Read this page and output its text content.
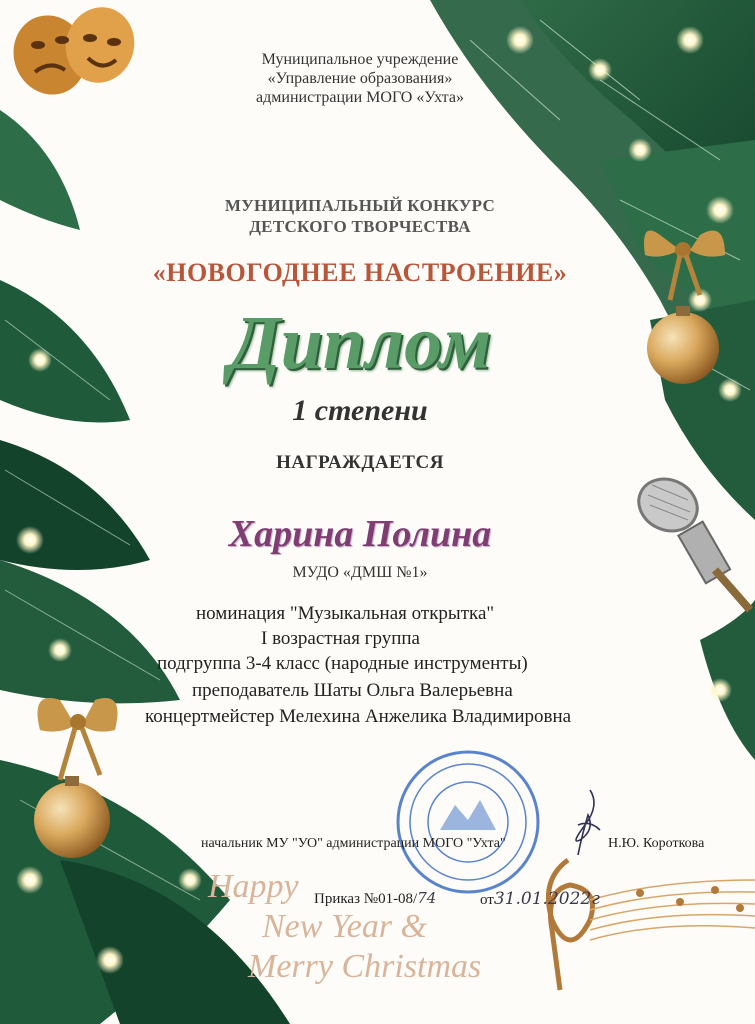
Муниципальное учреждение
«Управление образования»
администрации МОГО «Ухта»
МУНИЦИПАЛЬНЫЙ КОНКУРС
ДЕТСКОГО ТВОРЧЕСТВА
«НОВОГОДНЕЕ НАСТРОЕНИЕ»
Диплом
1 степени
НАГРАЖДАЕТСЯ
Харина Полина
МУДО «ДМШ №1»
номинация "Музыкальная открытка"
I возрастная группа
подгруппа 3-4 класс (народные инструменты)
преподаватель Шаты Ольга Валерьевна
концертмейстер Мелехина Анжелика Владимировна
начальник МУ "УО" администрации МОГО "Ухта"	Н.Ю. Короткова
Приказ №01-08/74	от31.01.2022г
Happy
New Year &
Merry Christmas
